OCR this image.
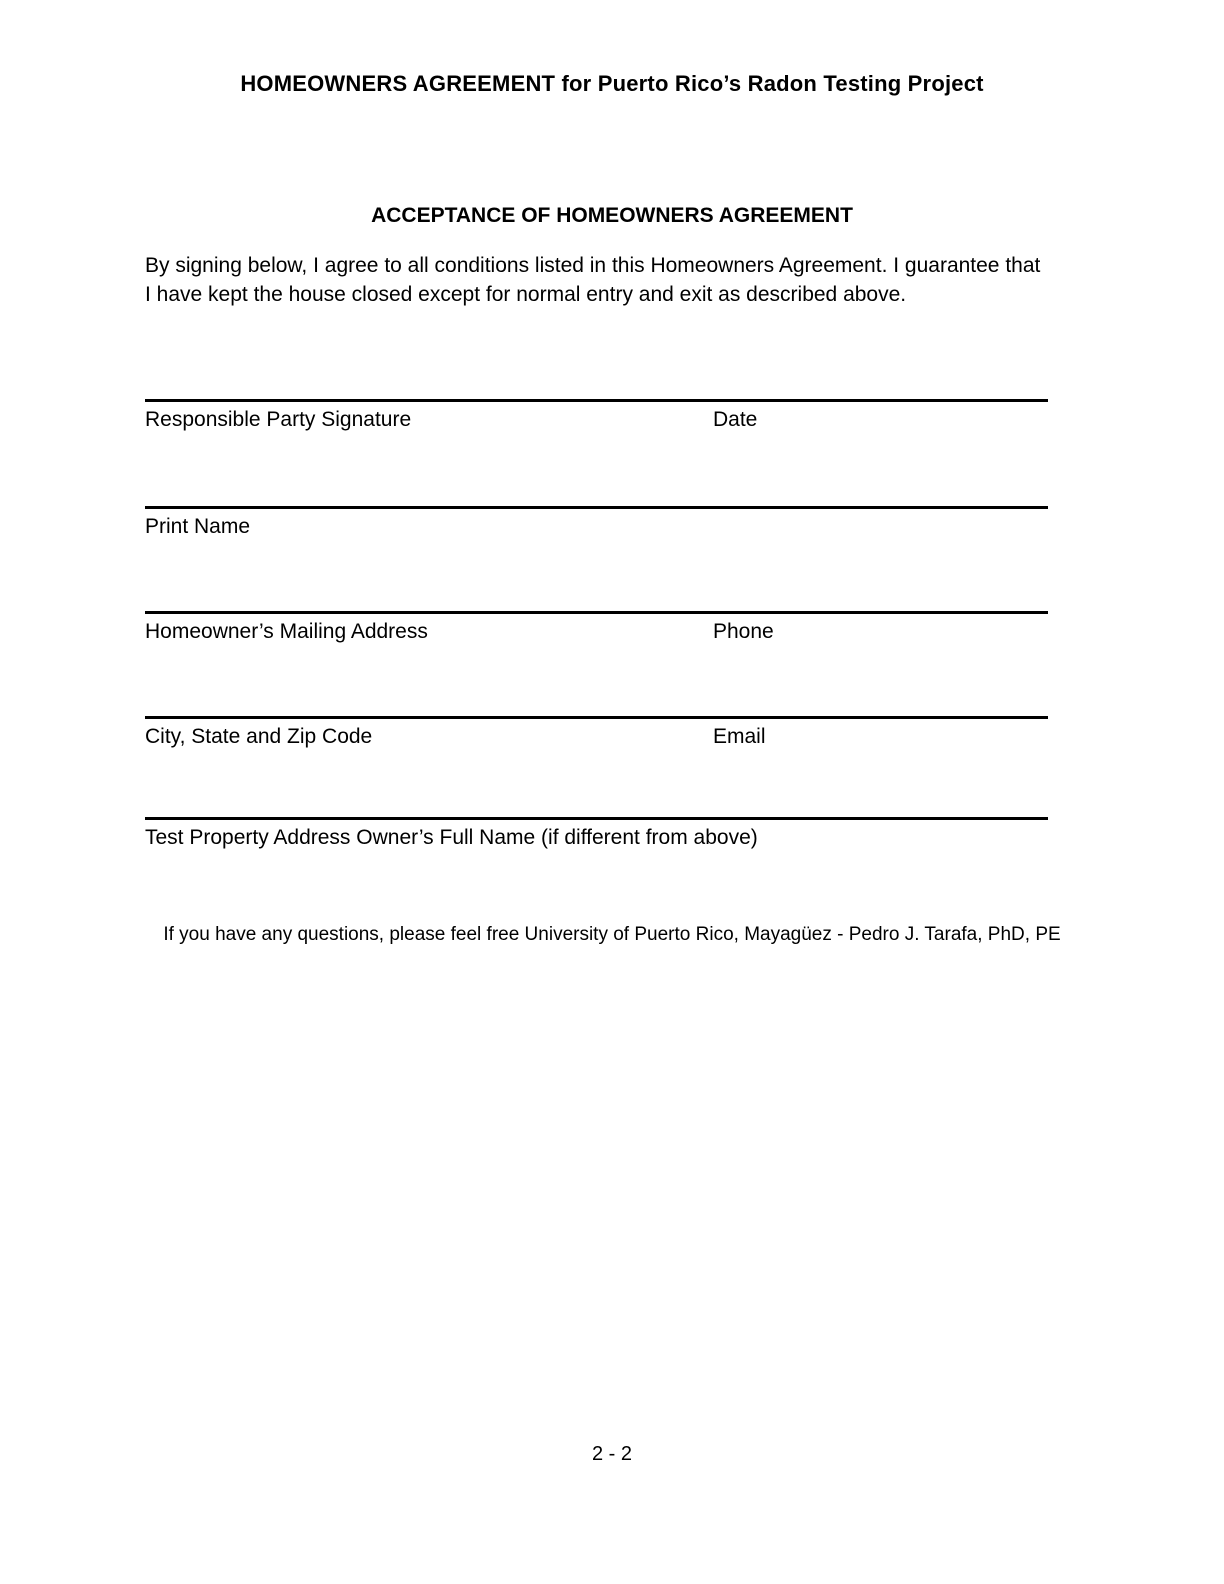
HOMEOWNERS AGREEMENT for Puerto Rico’s Radon Testing Project
ACCEPTANCE OF HOMEOWNERS AGREEMENT

By signing below, I agree to all conditions listed in this Homeowners Agreement. I guarantee that I have kept the house closed except for normal entry and exit as described above.

Responsible Party Signature	Date
Print Name
Homeowner’s Mailing Address	Phone
City, State and Zip Code	Email
Test Property Address Owner’s Full Name (if different from above)

If you have any questions, please feel free University of Puerto Rico, Mayagüez - Pedro J. Tarafa, PhD, PE

2 - 2
